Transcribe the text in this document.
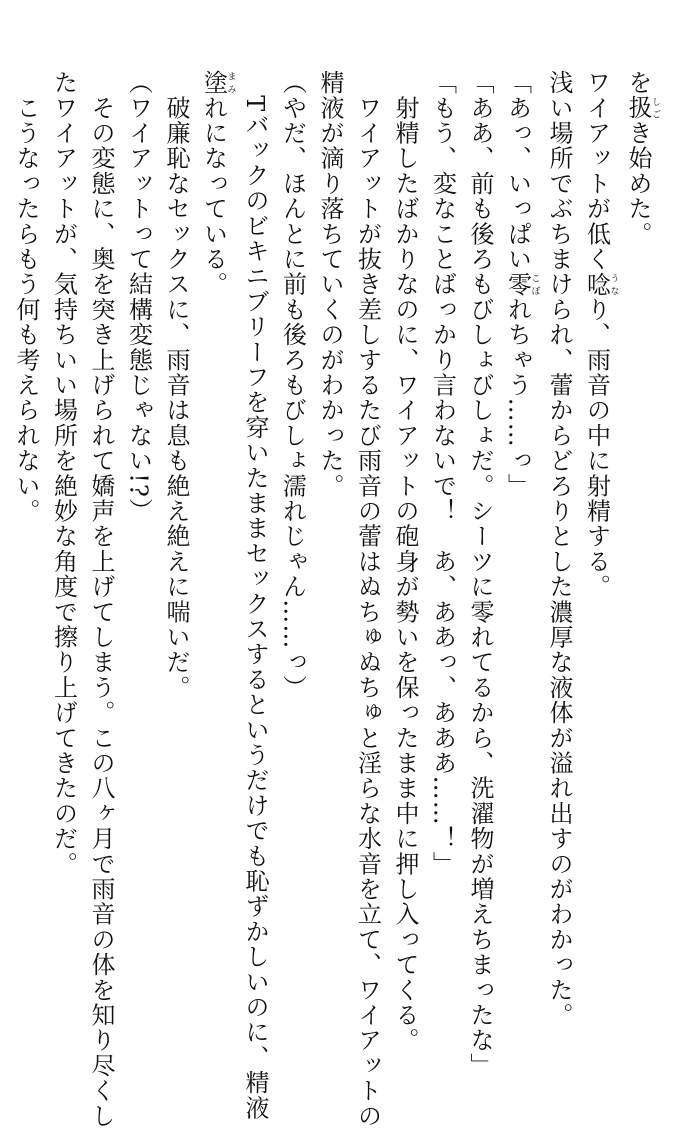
を扱しごき始めた。
ワイアットが低く唸うなり、雨音の中に射精する。
浅い場所でぶちまけられ、蕾からどろりとした濃厚な液体が溢れ出すのがわかった。
「あっ、いっぱい零こぼれちゃう……っ」
「ああ、前も後ろもびしょびしょだ。シーツに零れてるから、洗濯物が増えちまったな」
「もう、変なことばっかり言わないで！　あ、ああっ、あああ……！」
　射精したばかりなのに、ワイアットの砲身が勢いを保ったまま中に押し入ってくる。
　ワイアットが抜き差しするたび雨音の蕾はぬちゅぬちゅと淫らな水音を立て、ワイアットの
精液が滴り落ちていくのがわかった。
（やだ、ほんとに前も後ろもびしょ濡れじゃん……っ）
　Tバックのビキニブリーフを穿いたままセックスするというだけでも恥ずかしいのに、精液
塗まみれになっている。
　破廉恥なセックスに、雨音は息も絶え絶えに喘いだ。
（ワイアットって結構変態じゃない!?）
　その変態に、奥を突き上げられて嬌声を上げてしまう。この八ヶ月で雨音の体を知り尽くし
たワイアットが、気持ちいい場所を絶妙な角度で擦り上げてきたのだ。
　こうなったらもう何も考えられない。
